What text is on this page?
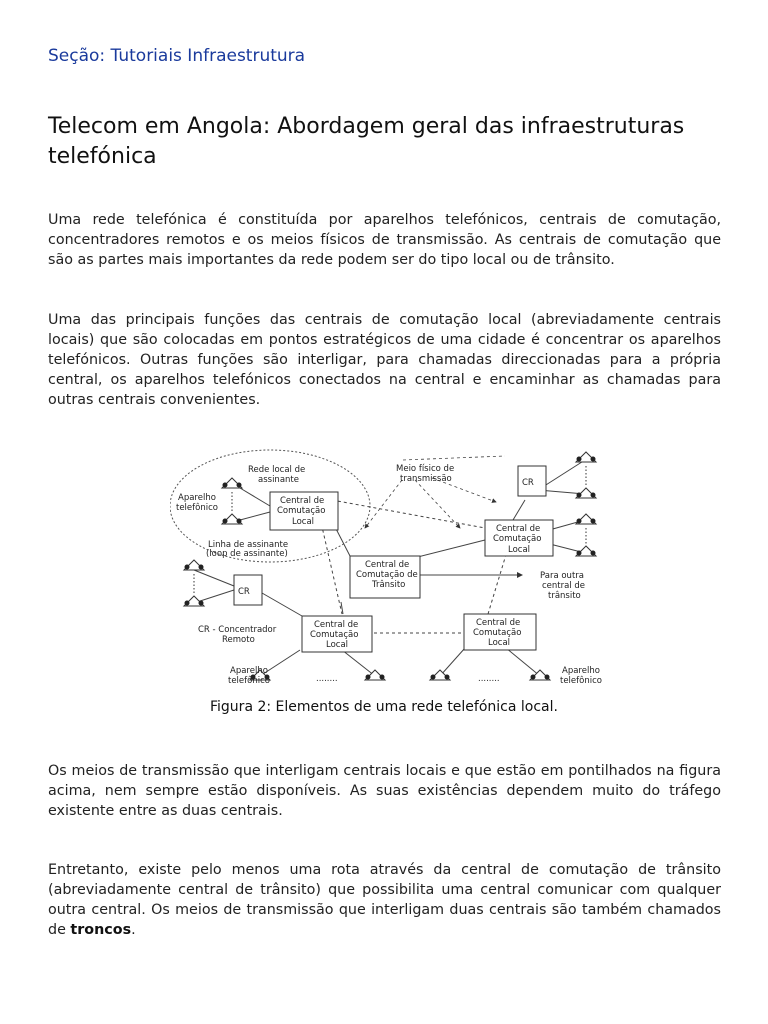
Seção: Tutoriais Infraestrutura
Telecom em Angola: Abordagem geral das infraestruturas telefónica

Uma rede telefónica é constituída por aparelhos telefónicos, centrais de comutação, concentradores remotos e os meios físicos de transmissão. As centrais de comutação que são as partes mais importantes da rede podem ser do tipo local ou de trânsito.

Uma das principais funções das centrais de comutação local (abreviadamente centrais locais) que são colocadas em pontos estratégicos de uma cidade é concentrar os aparelhos telefónicos. Outras funções são interligar, para chamadas direccionadas para a própria central, os aparelhos telefónicos conectados na central e encaminhar as chamadas para outras centrais convenientes.

Rede local de
assinante
Meio físico de
transmissão
Aparelho
telefônico
Central de
Comutação
Local
Linha de assinante
(loop de assinante)
Central de
Comutação
Local
Central de
Comutação de
Trânsito
CR
CR
Para outra
central de
trânsito
CR - Concentrador
Remoto
Central de
Comutação
Local
Central de
Comutação
Local
Aparelho
telefônico
Aparelho
telefônico
........	........
Figura 2: Elementos de uma rede telefónica local.

Os meios de transmissão que interligam centrais locais e que estão em pontilhados na figura acima, nem sempre estão disponíveis. As suas existências dependem muito do tráfego existente entre as duas centrais.

Entretanto, existe pelo menos uma rota através da central de comutação de trânsito (abreviadamente central de trânsito) que possibilita uma central comunicar com qualquer outra central. Os meios de transmissão que interligam duas centrais são também chamados de troncos.
